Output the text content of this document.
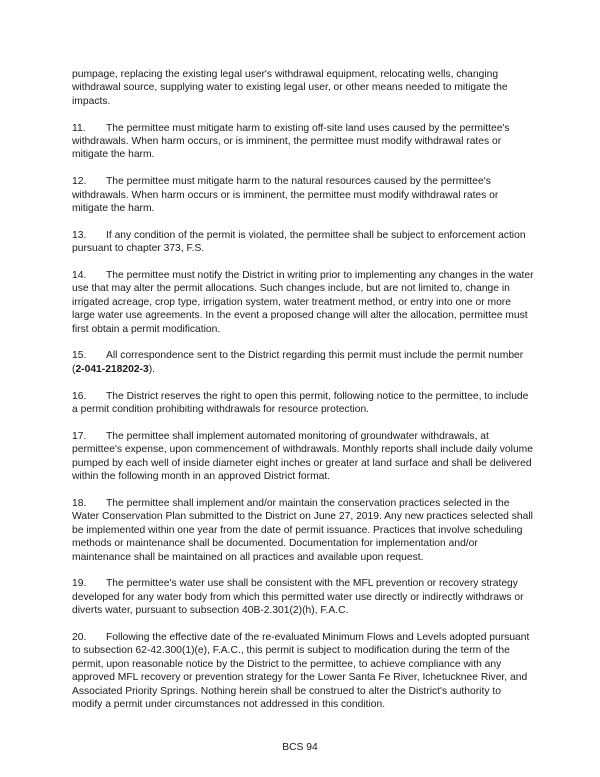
pumpage, replacing the existing legal user's withdrawal equipment, relocating wells, changing withdrawal source, supplying water to existing legal user, or other means needed to mitigate the impacts.

11. The permittee must mitigate harm to existing off-site land uses caused by the permittee's withdrawals. When harm occurs, or is imminent, the permittee must modify withdrawal rates or mitigate the harm.

12. The permittee must mitigate harm to the natural resources caused by the permittee's withdrawals. When harm occurs or is imminent, the permittee must modify withdrawal rates or mitigate the harm.

13. If any condition of the permit is violated, the permittee shall be subject to enforcement action pursuant to chapter 373, F.S.

14. The permittee must notify the District in writing prior to implementing any changes in the water use that may alter the permit allocations. Such changes include, but are not limited to, change in irrigated acreage, crop type, irrigation system, water treatment method, or entry into one or more large water use agreements. In the event a proposed change will alter the allocation, permittee must first obtain a permit modification.

15. All correspondence sent to the District regarding this permit must include the permit number (2-041-218202-3).

16. The District reserves the right to open this permit, following notice to the permittee, to include a permit condition prohibiting withdrawals for resource protection.

17. The permittee shall implement automated monitoring of groundwater withdrawals, at permittee's expense, upon commencement of withdrawals. Monthly reports shall include daily volume pumped by each well of inside diameter eight inches or greater at land surface and shall be delivered within the following month in an approved District format.

18. The permittee shall implement and/or maintain the conservation practices selected in the Water Conservation Plan submitted to the District on June 27, 2019. Any new practices selected shall be implemented within one year from the date of permit issuance. Practices that involve scheduling methods or maintenance shall be documented. Documentation for implementation and/or maintenance shall be maintained on all practices and available upon request.

19. The permittee's water use shall be consistent with the MFL prevention or recovery strategy developed for any water body from which this permitted water use directly or indirectly withdraws or diverts water, pursuant to subsection 40B-2.301(2)(h), F.A.C.

20. Following the effective date of the re-evaluated Minimum Flows and Levels adopted pursuant to subsection 62-42.300(1)(e), F.A.C., this permit is subject to modification during the term of the permit, upon reasonable notice by the District to the permittee, to achieve compliance with any approved MFL recovery or prevention strategy for the Lower Santa Fe River, Ichetucknee River, and Associated Priority Springs. Nothing herein shall be construed to alter the District's authority to modify a permit under circumstances not addressed in this condition.

BCS 94
